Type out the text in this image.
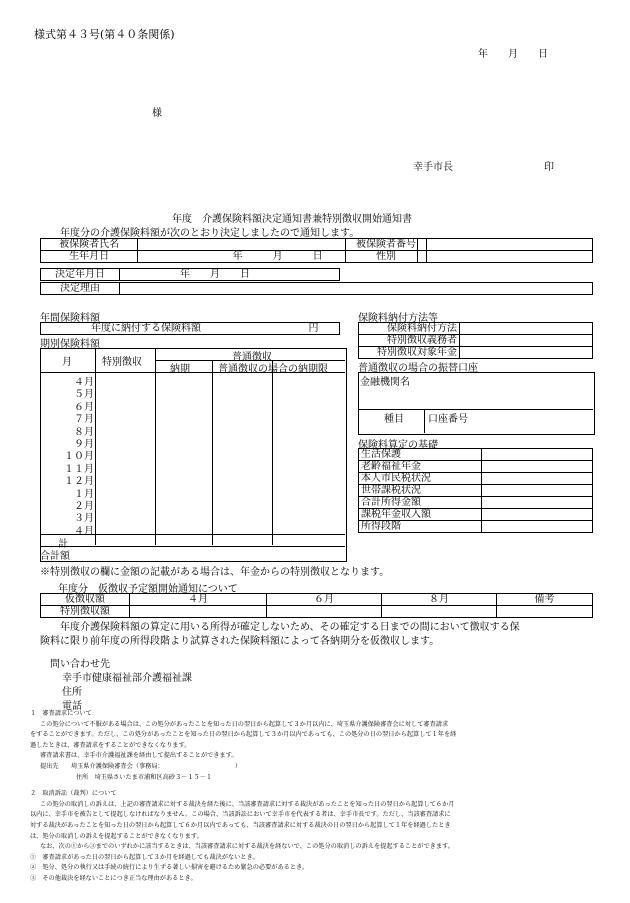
様式第４３号(第４０条関係)
年　　月　　日
様
幸手市長	印
年度　介護保険料額決定通知書兼特別徴収開始通知書
年度分の介護保険料額が次のとおり決定しましたので通知します。
被保険者氏名	
生年月日	年　　　月　　　日
被保険者番号	
性別	
決定年月日	年　　月　　日
決定理由	
年間保険料額
年度に納付する保険料額	円
期別保険料額
月	特別徴収	普通徴収
納期	普通徴収の場合の納期限
４月
５月
６月
７月
８月
９月
１０月
１１月
１２月
１月
２月
３月
４月
計
合計額
保険料納付方法等
保険料納付方法	
特別徴収義務者	
特別徴収対象年金	
普通徴収の場合の振替口座
金融機関名
種目 口座番号
保険料算定の基礎
生活保護	
老齢福祉年金	
本人市民税状況	
世帯課税状況	
合計所得金額	
課税年金収入額	
所得段階	
※特別徴収の欄に金額の記載がある場合は、年金からの特別徴収となります。
年度分　仮徴収予定額開始通知について
仮徴収額	４月	６月	８月	備考
特別徴収額				
年度介護保険料額の算定に用いる所得が確定しないため、その確定する日までの間において徴収する保
険料に限り前年度の所得段階より試算された保険料額によって各納期分を仮徴収します。
問い合わせ先
幸手市健康福祉部介護福祉課
住所
電話
１　審査請求について
この処分について不服がある場合は、この処分があったことを知った日の翌日から起算して３か月以内に、埼玉県介護保険審査会に対して審査請求
をすることができます。ただし、この処分があったことを知った日の翌日から起算して３か月以内であっても、この処分の日の翌日から起算して１年を経
過したときは、審査請求をすることができなくなります。
審査請求書は、幸手市介護福祉課を経由して提出することができます。
提出先　　 埼玉県介護保険審査会（事務局：　　　　　　　　　　　　）
住所　 埼玉県さいたま市浦和区高砂３－１５－１
２　取消訴訟（裁判）について
この処分の取消しの訴えは、上記の審査請求に対する裁決を経た後に、当該審査請求に対する裁決があったことを知った日の翌日から起算して６か月
以内に、幸手市を被告として提起しなければなりません。この場合、当該訴訟において幸手市を代表する者は、幸手市長です。ただし、当該審査請求に
対する裁決があったことを知った日の翌日から起算して６か月以内であっても、当該審査請求に対する裁決の日の翌日から起算して１年を経過したとき
は、処分の取消しの訴えを提起することができなくなります。
なお、次の①から③までのいずれかに該当するときは、当該審査請求に対する裁決を経ないで、この処分の取消しの訴えを提起することができます。
①　審査請求があった日の翌日から起算して３か月を経過しても裁決がないとき。
②　処分、処分の執行又は手続の続行により生ずる著しい損害を避けるため緊急の必要があるとき。
③　その他裁決を経ないことにつき正当な理由があるとき。
